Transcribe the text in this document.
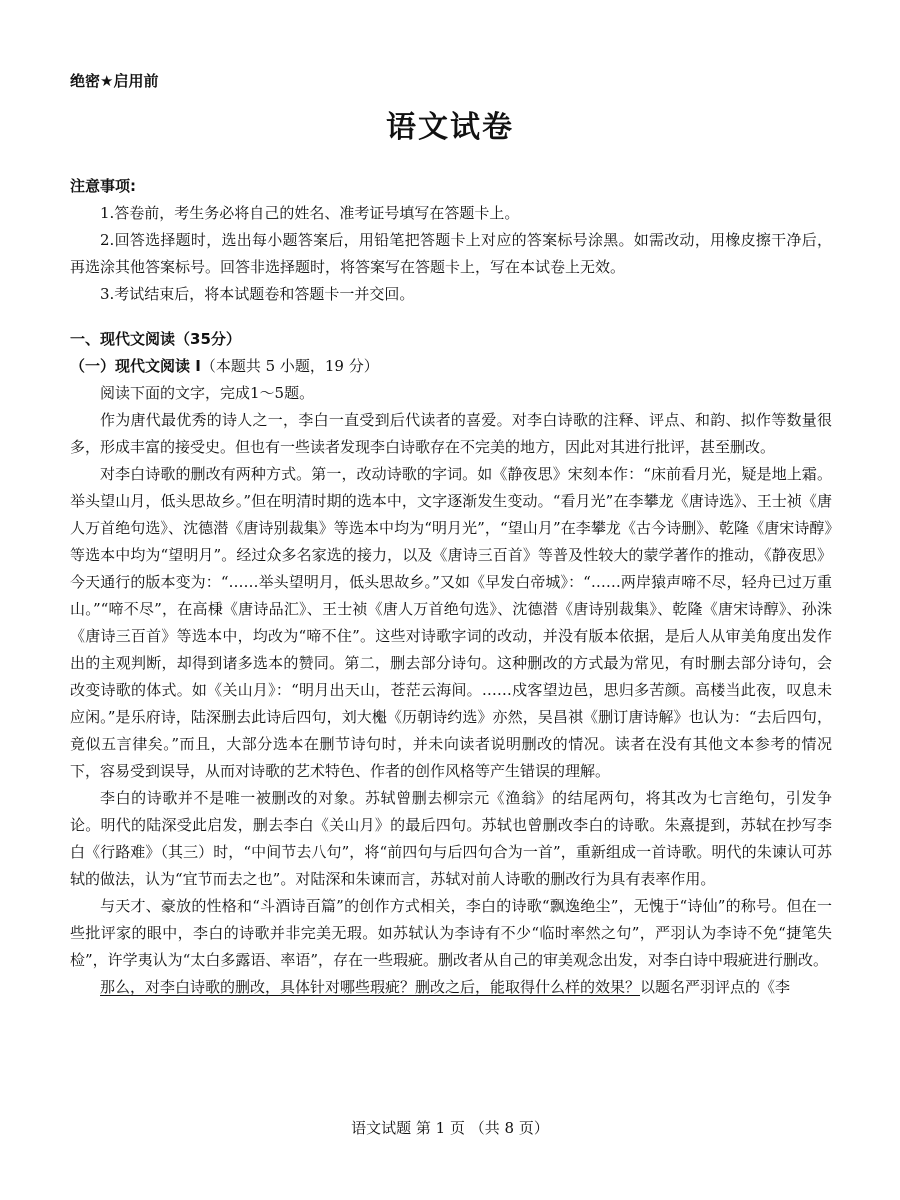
绝密★启用前
语文试卷
注意事项:

1.答卷前，考生务必将自己的姓名、准考证号填写在答题卡上。

2.回答选择题时，选出每小题答案后，用铅笔把答题卡上对应的答案标号涂黑。如需改动，用橡皮擦干净后，再选涂其他答案标号。回答非选择题时，将答案写在答题卡上，写在本试卷上无效。

3.考试结束后，将本试题卷和答题卡一并交回。

一、现代文阅读（35分）
（一）现代文阅读 I（本题共 5 小题，19 分）

阅读下面的文字，完成1～5题。

作为唐代最优秀的诗人之一，李白一直受到后代读者的喜爱。对李白诗歌的注释、评点、和韵、拟作等数量很多，形成丰富的接受史。但也有一些读者发现李白诗歌存在不完美的地方，因此对其进行批评，甚至删改。

对李白诗歌的删改有两种方式。第一，改动诗歌的字词。如《静夜思》宋刻本作：“床前看月光，疑是地上霜。举头望山月，低头思故乡。”但在明清时期的选本中，文字逐渐发生变动。“看月光”在李攀龙《唐诗选》、王士祯《唐人万首绝句选》、沈德潜《唐诗别裁集》等选本中均为“明月光”，“望山月”在李攀龙《古今诗删》、乾隆《唐宋诗醇》等选本中均为“望明月”。经过众多名家选的接力，以及《唐诗三百首》等普及性较大的蒙学著作的推动，《静夜思》今天通行的版本变为：“……举头望明月，低头思故乡。”又如《早发白帝城》：“……两岸猿声啼不尽，轻舟已过万重山。”“啼不尽”，在高棅《唐诗品汇》、王士祯《唐人万首绝句选》、沈德潜《唐诗别裁集》、乾隆《唐宋诗醇》、孙洙《唐诗三百首》等选本中，均改为“啼不住”。这些对诗歌字词的改动，并没有版本依据，是后人从审美角度出发作出的主观判断，却得到诸多选本的赞同。第二，删去部分诗句。这种删改的方式最为常见，有时删去部分诗句，会改变诗歌的体式。如《关山月》：“明月出天山，苍茫云海间。……戍客望边邑，思归多苦颜。高楼当此夜，叹息未应闲。”是乐府诗，陆深删去此诗后四句，刘大櫆《历朝诗约选》亦然，吴昌祺《删订唐诗解》也认为：“去后四句，竟似五言律矣。”而且，大部分选本在删节诗句时，并未向读者说明删改的情况。读者在没有其他文本参考的情况下，容易受到误导，从而对诗歌的艺术特色、作者的创作风格等产生错误的理解。

李白的诗歌并不是唯一被删改的对象。苏轼曾删去柳宗元《渔翁》的结尾两句，将其改为七言绝句，引发争论。明代的陆深受此启发，删去李白《关山月》的最后四句。苏轼也曾删改李白的诗歌。朱熹提到，苏轼在抄写李白《行路难》（其三）时，“中间节去八句”，将“前四句与后四句合为一首”，重新组成一首诗歌。明代的朱谏认可苏轼的做法，认为“宜节而去之也”。对陆深和朱谏而言，苏轼对前人诗歌的删改行为具有表率作用。

与天才、豪放的性格和“斗酒诗百篇”的创作方式相关，李白的诗歌“飘逸绝尘”，无愧于“诗仙”的称号。但在一些批评家的眼中，李白的诗歌并非完美无瑕。如苏轼认为李诗有不少“临时率然之句”，严羽认为李诗不免“捷笔失检”，许学夷认为“太白多露语、率语”，存在一些瑕疵。删改者从自己的审美观念出发，对李白诗中瑕疵进行删改。

那么，对李白诗歌的删改，具体针对哪些瑕疵？删改之后，能取得什么样的效果？以题名严羽评点的《李

语文试题 第 1 页 （共 8 页）
